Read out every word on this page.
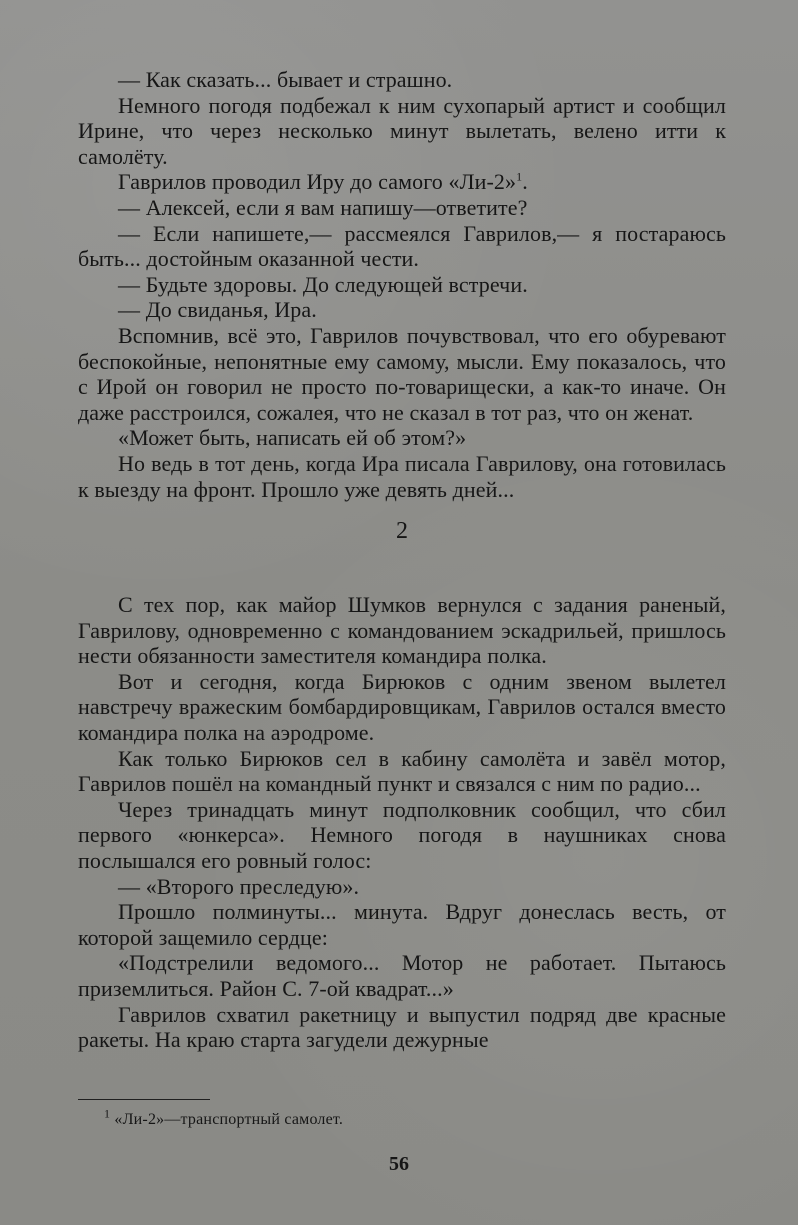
— Как сказать... бывает и страшно.

Немного погодя подбежал к ним сухопарый артист и сообщил Ирине, что через несколько минут вылетать, велено итти к самолёту.

Гаврилов проводил Иру до самого «Ли-2»$^1$.

— Алексей, если я вам напишу—ответите?

— Если напишете,— рассмеялся Гаврилов,— я постараюсь быть... достойным оказанной чести.

— Будьте здоровы. До следующей встречи.

— До свиданья, Ира.

Вспомнив, всё это, Гаврилов почувствовал, что его обуревают беспокойные, непонятные ему самому, мысли. Ему показалось, что с Ирой он говорил не просто по-товарищески, а как-то иначе. Он даже расстроился, сожалея, что не сказал в тот раз, что он женат.

«Может быть, написать ей об этом?»

Но ведь в тот день, когда Ира писала Гаврилову, она готовилась к выезду на фронт. Прошло уже девять дней...

2

С тех пор, как майор Шумков вернулся с задания раненый, Гаврилову, одновременно с командованием эскадрильей, пришлось нести обязанности заместителя командира полка.

Вот и сегодня, когда Бирюков с одним звеном вылетел навстречу вражеским бомбардировщикам, Гаврилов остался вместо командира полка на аэродроме.

Как только Бирюков сел в кабину самолёта и завёл мотор, Гаврилов пошёл на командный пункт и связался с ним по радио...

Через тринадцать минут подполковник сообщил, что сбил первого «юнкерса». Немного погодя в наушниках снова послышался его ровный голос:

— «Второго преследую».

Прошло полминуты... минута. Вдруг донеслась весть, от которой защемило сердце:

«Подстрелили ведомого... Мотор не работает. Пытаюсь приземлиться. Район С. 7-ой квадрат...»

Гаврилов схватил ракетницу и выпустил подряд две красные ракеты. На краю старта загудели дежурные

$^1$ «Ли-2»—транспортный самолет.
56
